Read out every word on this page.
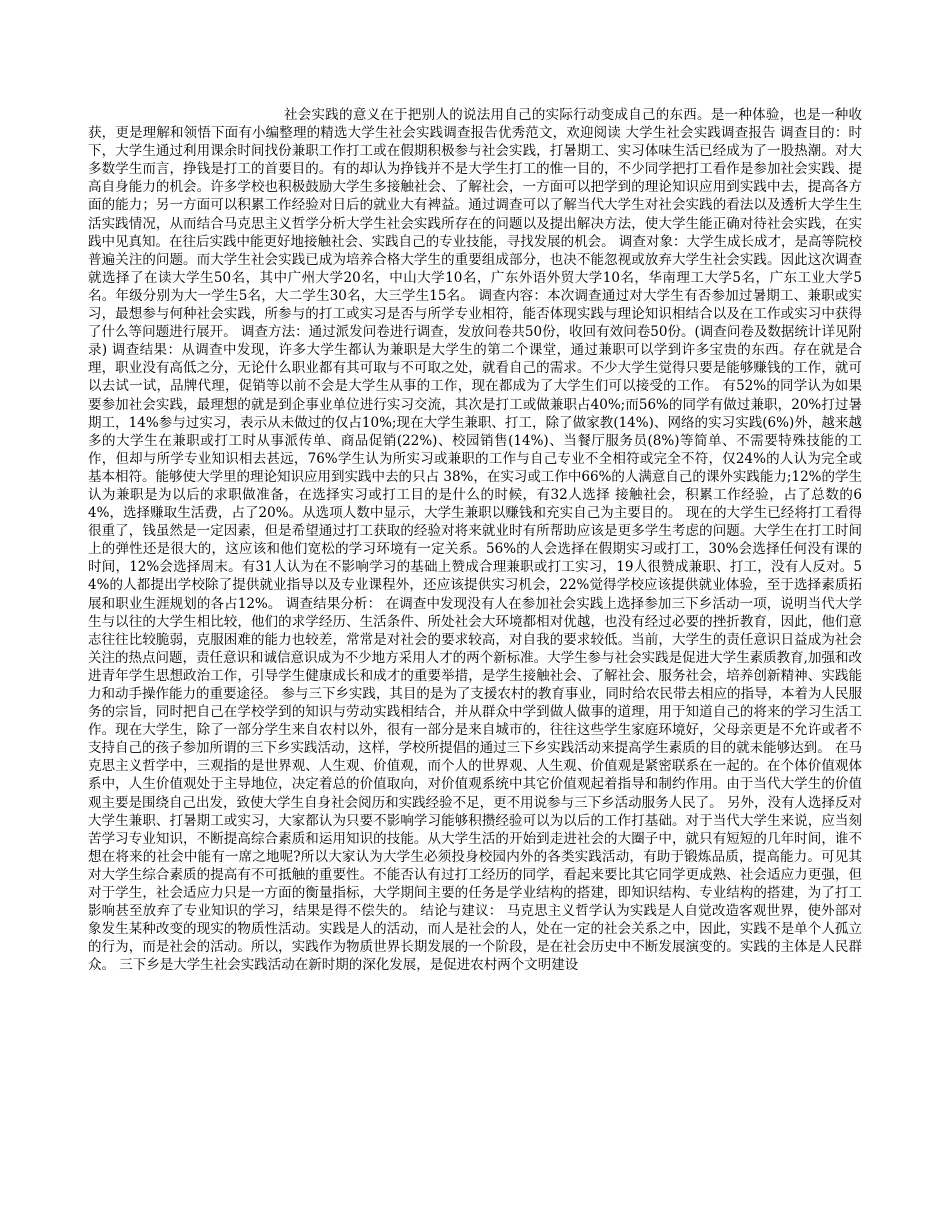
社会实践的意义在于把别人的说法用自己的实际行动变成自己的东西。是一种体验，也是一种收获，更是理解和领悟下面有小编整理的精选大学生社会实践调查报告优秀范文，欢迎阅读 大学生社会实践调查报告 调查目的：时下，大学生通过利用课余时间找份兼职工作打工或在假期积极参与社会实践，打暑期工、实习体味生活已经成为了一股热潮。对大多数学生而言，挣钱是打工的首要目的。有的却认为挣钱并不是大学生打工的惟一目的，不少同学把打工看作是参加社会实践、提高自身能力的机会。许多学校也积极鼓励大学生多接触社会、了解社会，一方面可以把学到的理论知识应用到实践中去，提高各方面的能力；另一方面可以积累工作经验对日后的就业大有裨益。通过调查可以了解当代大学生对社会实践的看法以及透析大学生生活实践情况，从而结合马克思主义哲学分析大学生社会实践所存在的问题以及提出解决方法，使大学生能正确对待社会实践，在实践中见真知。在往后实践中能更好地接触社会、实践自己的专业技能，寻找发展的机会。 调查对象：大学生成长成才，是高等院校普遍关注的问题。而大学生社会实践已成为培养合格大学生的重要组成部分，也决不能忽视或放弃大学生社会实践。因此这次调查就选择了在读大学生50名，其中广州大学20名，中山大学10名，广东外语外贸大学10名，华南理工大学5名，广东工业大学5名。年级分别为大一学生5名，大二学生30名，大三学生15名。 调查内容：本次调查通过对大学生有否参加过暑期工、兼职或实习，最想参与何种社会实践，所参与的打工或实习是否与所学专业相符，能否体现实践与理论知识相结合以及在工作或实习中获得了什么等问题进行展开。 调查方法：通过派发问卷进行调查，发放问卷共50份，收回有效问卷50份。(调查问卷及数据统计详见附录) 调查结果：从调查中发现，许多大学生都认为兼职是大学生的第二个课堂，通过兼职可以学到许多宝贵的东西。存在就是合理，职业没有高低之分，无论什么职业都有其可取与不可取之处，就看自己的需求。不少大学生觉得只要是能够赚钱的工作，就可以去试一试，品牌代理，促销等以前不会是大学生从事的工作，现在都成为了大学生们可以接受的工作。 有52%的同学认为如果要参加社会实践，最理想的就是到企事业单位进行实习交流，其次是打工或做兼职占40%;而56%的同学有做过兼职，20%打过暑期工，14%参与过实习，表示从未做过的仅占10%;现在大学生兼职、打工，除了做家教(14%)、网络的实习实践(6%)外，越来越多的大学生在兼职或打工时从事派传单、商品促销(22%)、校园销售(14%)、当餐厅服务员(8%)等简单、不需要特殊技能的工作，但却与所学专业知识相去甚远，76%学生认为所实习或兼职的工作与自己专业不全相符或完全不符，仅24%的人认为完全或基本相符。能够使大学里的理论知识应用到实践中去的只占 38%，在实习或工作中66%的人满意自己的课外实践能力;12%的学生认为兼职是为以后的求职做准备，在选择实习或打工目的是什么的时候，有32人选择 接触社会，积累工作经验，占了总数的64%，选择赚取生活费，占了20%。从选项人数中显示，大学生兼职以赚钱和充实自己为主要目的。 现在的大学生已经将打工看得很重了，钱虽然是一定因素，但是希望通过打工获取的经验对将来就业时有所帮助应该是更多学生考虑的问题。大学生在打工时间上的弹性还是很大的，这应该和他们宽松的学习环境有一定关系。56%的人会选择在假期实习或打工，30%会选择任何没有课的时间，12%会选择周末。有31人认为在不影响学习的基础上赞成合理兼职或打工实习，19人很赞成兼职、打工，没有人反对。54%的人都提出学校除了提供就业指导以及专业课程外，还应该提供实习机会，22%觉得学校应该提供就业体验，至于选择素质拓展和职业生涯规划的各占12%。 调查结果分析： 在调查中发现没有人在参加社会实践上选择参加三下乡活动一项，说明当代大学生与以往的大学生相比较，他们的求学经历、生活条件、所处社会大环境都相对优越，也没有经过必要的挫折教育，因此，他们意志往往比较脆弱，克服困难的能力也较差，常常是对社会的要求较高，对自我的要求较低。当前，大学生的责任意识日益成为社会关注的热点问题，责任意识和诚信意识成为不少地方采用人才的两个新标准。大学生参与社会实践是促进大学生素质教育,加强和改进青年学生思想政治工作，引导学生健康成长和成才的重要举措，是学生接触社会、了解社会、服务社会，培养创新精神、实践能力和动手操作能力的重要途径。 参与三下乡实践，其目的是为了支援农村的教育事业，同时给农民带去相应的指导，本着为人民服务的宗旨，同时把自己在学校学到的知识与劳动实践相结合，并从群众中学到做人做事的道理，用于知道自己的将来的学习生活工作。现在大学生，除了一部分学生来自农村以外，很有一部分是来自城市的，往往这些学生家庭环境好，父母亲更是不允许或者不支持自己的孩子参加所谓的三下乡实践活动，这样，学校所提倡的通过三下乡实践活动来提高学生素质的目的就未能够达到。 在马克思主义哲学中，三观指的是世界观、人生观、价值观，而个人的世界观、人生观、价值观是紧密联系在一起的。在个体价值观体系中，人生价值观处于主导地位，决定着总的价值取向，对价值观系统中其它价值观起着指导和制约作用。由于当代大学生的价值观主要是围绕自己出发，致使大学生自身社会阅历和实践经验不足，更不用说参与三下乡活动服务人民了。 另外，没有人选择反对大学生兼职、打暑期工或实习，大家都认为只要不影响学习能够积攒经验可以为以后的工作打基础。对于当代大学生来说，应当刻苦学习专业知识，不断提高综合素质和运用知识的技能。从大学生活的开始到走进社会的大圈子中，就只有短短的几年时间，谁不想在将来的社会中能有一席之地呢?所以大家认为大学生必须投身校园内外的各类实践活动，有助于锻炼品质，提高能力。可见其对大学生综合素质的提高有不可抵触的重要性。不能否认有过打工经历的同学，看起来要比其它同学更成熟、社会适应力更强，但对于学生，社会适应力只是一方面的衡量指标，大学期间主要的任务是学业结构的搭建，即知识结构、专业结构的搭建，为了打工影响甚至放弃了专业知识的学习，结果是得不偿失的。 结论与建议： 马克思主义哲学认为实践是人自觉改造客观世界，使外部对象发生某种改变的现实的物质性活动。实践是人的活动，而人是社会的人，处在一定的社会关系之中，因此，实践不是单个人孤立的行为，而是社会的活动。所以，实践作为物质世界长期发展的一个阶段，是在社会历史中不断发展演变的。实践的主体是人民群众。 三下乡是大学生社会实践活动在新时期的深化发展，是促进农村两个文明建设
